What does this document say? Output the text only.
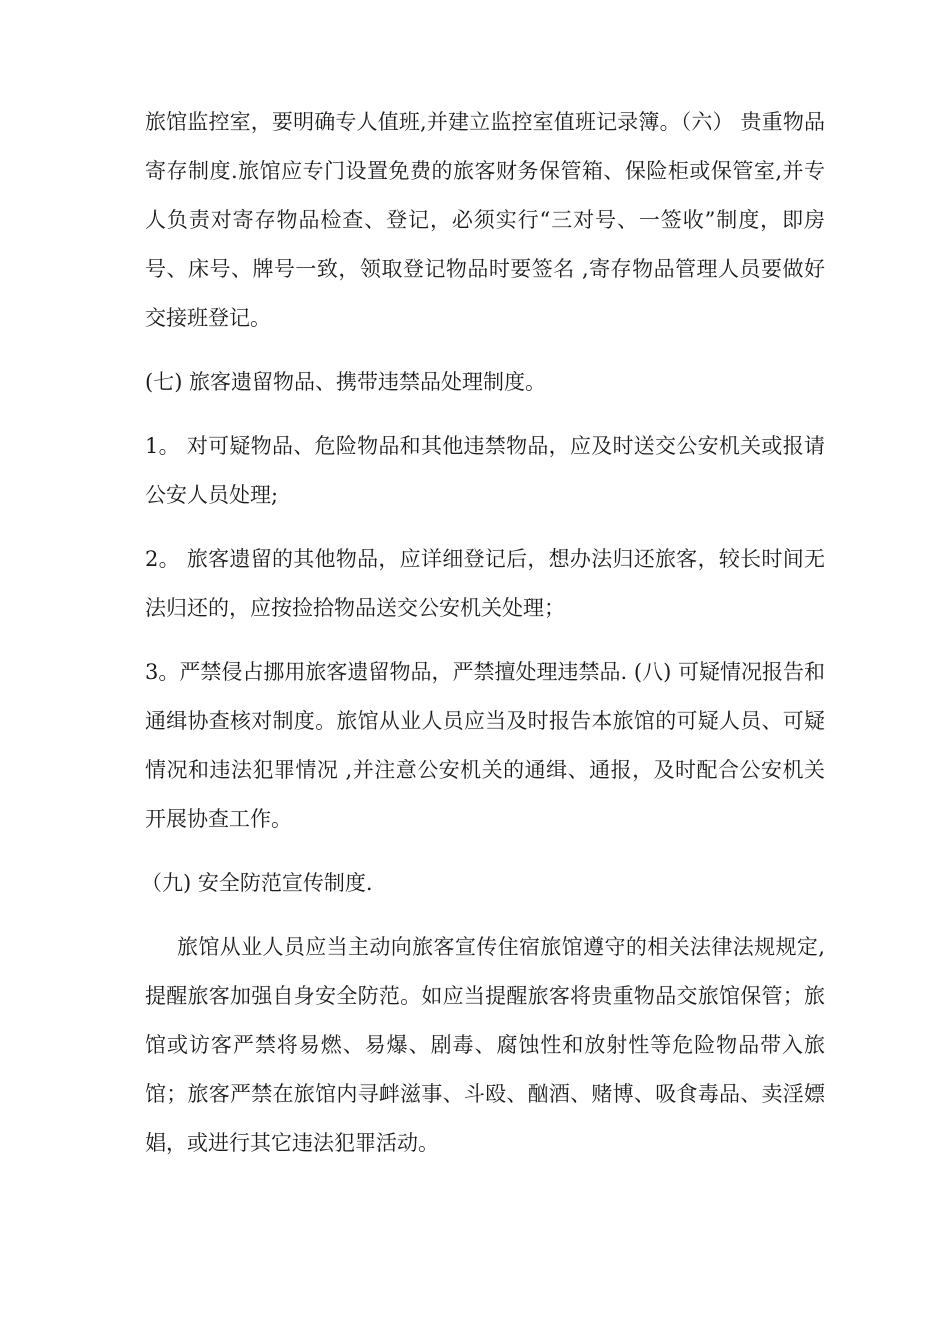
旅馆监控室，要明确专人值班,并建立监控室值班记录簿。（六） 贵重物品寄存制度.旅馆应专门设置免费的旅客财务保管箱、保险柜或保管室,并专人负责对寄存物品检查、登记，必须实行“三对号、一签收”制度，即房号、床号、牌号一致，领取登记物品时要签名 ,寄存物品管理人员要做好交接班登记。

(七) 旅客遗留物品、携带违禁品处理制度。

1。 对可疑物品、危险物品和其他违禁物品，应及时送交公安机关或报请公安人员处理;

2。 旅客遗留的其他物品，应详细登记后，想办法归还旅客，较长时间无法归还的，应按捡拾物品送交公安机关处理；

3。严禁侵占挪用旅客遗留物品，严禁擅处理违禁品. (八) 可疑情况报告和通缉协查核对制度。旅馆从业人员应当及时报告本旅馆的可疑人员、可疑情况和违法犯罪情况 ,并注意公安机关的通缉、通报，及时配合公安机关开展协查工作。

（九) 安全防范宣传制度.

旅馆从业人员应当主动向旅客宣传住宿旅馆遵守的相关法律法规规定,提醒旅客加强自身安全防范。如应当提醒旅客将贵重物品交旅馆保管；旅馆或访客严禁将易燃、易爆、剧毒、腐蚀性和放射性等危险物品带入旅馆；旅客严禁在旅馆内寻衅滋事、斗殴、酗酒、赌博、吸食毒品、卖淫嫖娼，或进行其它违法犯罪活动。
